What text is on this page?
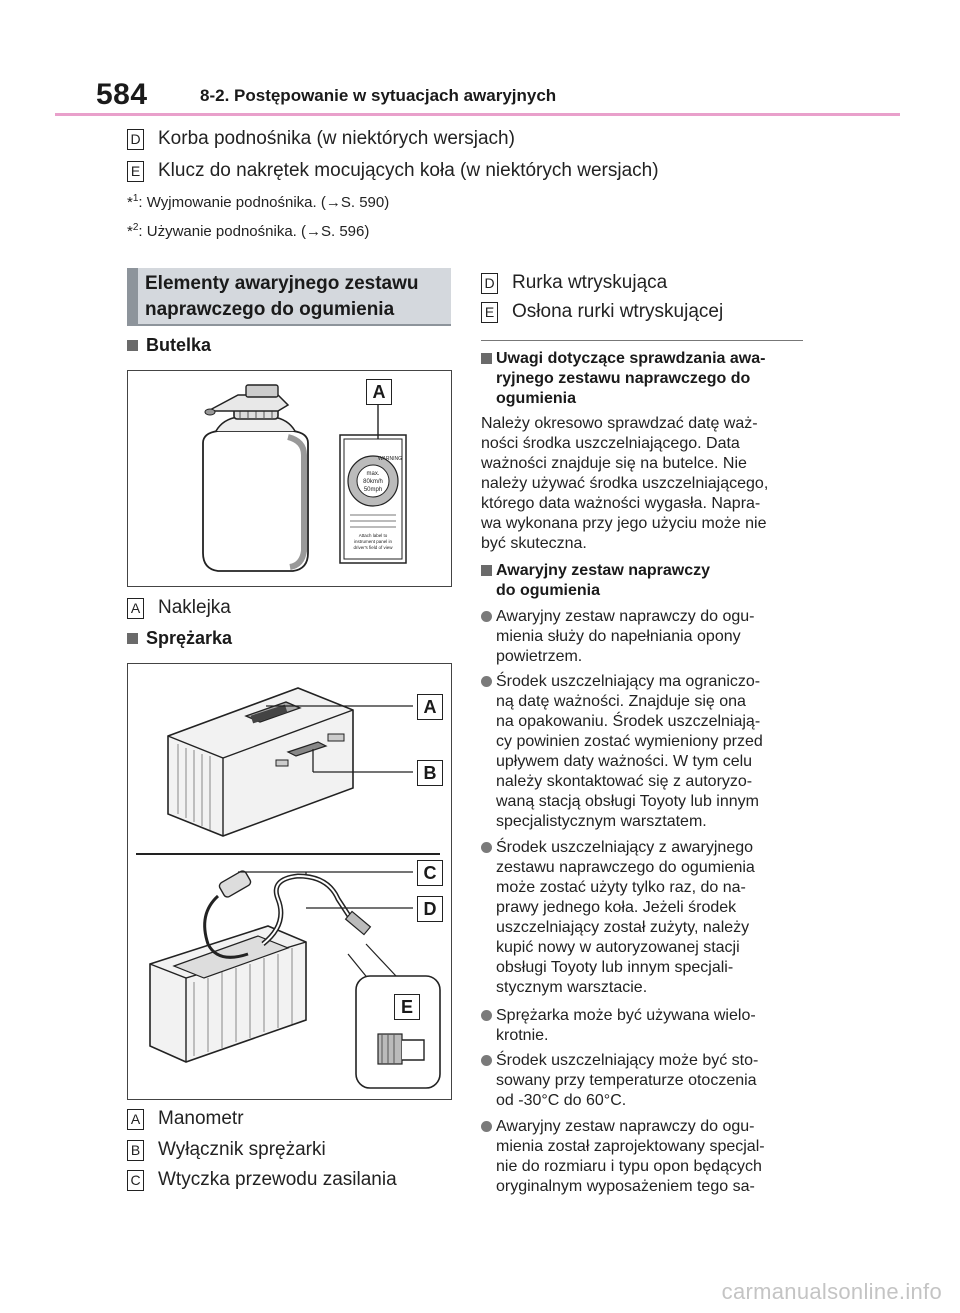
584	8-2. Postępowanie w sytuacjach awaryjnych
D Korba podnośnika (w niektórych wersjach)
E Klucz do nakrętek mocujących koła (w niektórych wersjach)
*$^1$: Wyjmowanie podnośnika. (→S. 590)
*$^2$: Używanie podnośnika. (→S. 596)
Elementy awaryjnego zestawu
naprawczego do ogumienia
Butelka
WARNING
max.
80km/h
50mph
Attach label to
instrument panel in
driver's field of view
A
A Naklejka
Sprężarka
A
B
C
D
E
A Manometr
B Wyłącznik sprężarki
C Wtyczka przewodu zasilania
D Rurka wtryskująca
E Osłona rurki wtryskującej
Uwagi dotyczące sprawdzania awa-
ryjnego zestawu naprawczego do
ogumienia
Należy okresowo sprawdzać datę waż-
ności środka uszczelniającego. Data
ważności znajduje się na butelce. Nie
należy używać środka uszczelniającego,
którego data ważności wygasła. Napra-
wa wykonana przy jego użyciu może nie
być skuteczna.
Awaryjny zestaw naprawczy
do ogumienia
Awaryjny zestaw naprawczy do ogu-
mienia służy do napełniania opony
powietrzem.
Środek uszczelniający ma ograniczo-
ną datę ważności. Znajduje się ona
na opakowaniu. Środek uszczelniają-
cy powinien zostać wymieniony przed
upływem daty ważności. W tym celu
należy skontaktować się z autoryzo-
waną stacją obsługi Toyoty lub innym
specjalistycznym warsztatem.
Środek uszczelniający z awaryjnego
zestawu naprawczego do ogumienia
może zostać użyty tylko raz, do na-
prawy jednego koła. Jeżeli środek
uszczelniający został zużyty, należy
kupić nowy w autoryzowanej stacji
obsługi Toyoty lub innym specjali-
stycznym warsztacie.
Sprężarka może być używana wielo-
krotnie.
Środek uszczelniający może być sto-
sowany przy temperaturze otoczenia
od -30°C do 60°C.
Awaryjny zestaw naprawczy do ogu-
mienia został zaprojektowany specjal-
nie do rozmiaru i typu opon będących
oryginalnym wyposażeniem tego sa-
carmanualsonline.info
